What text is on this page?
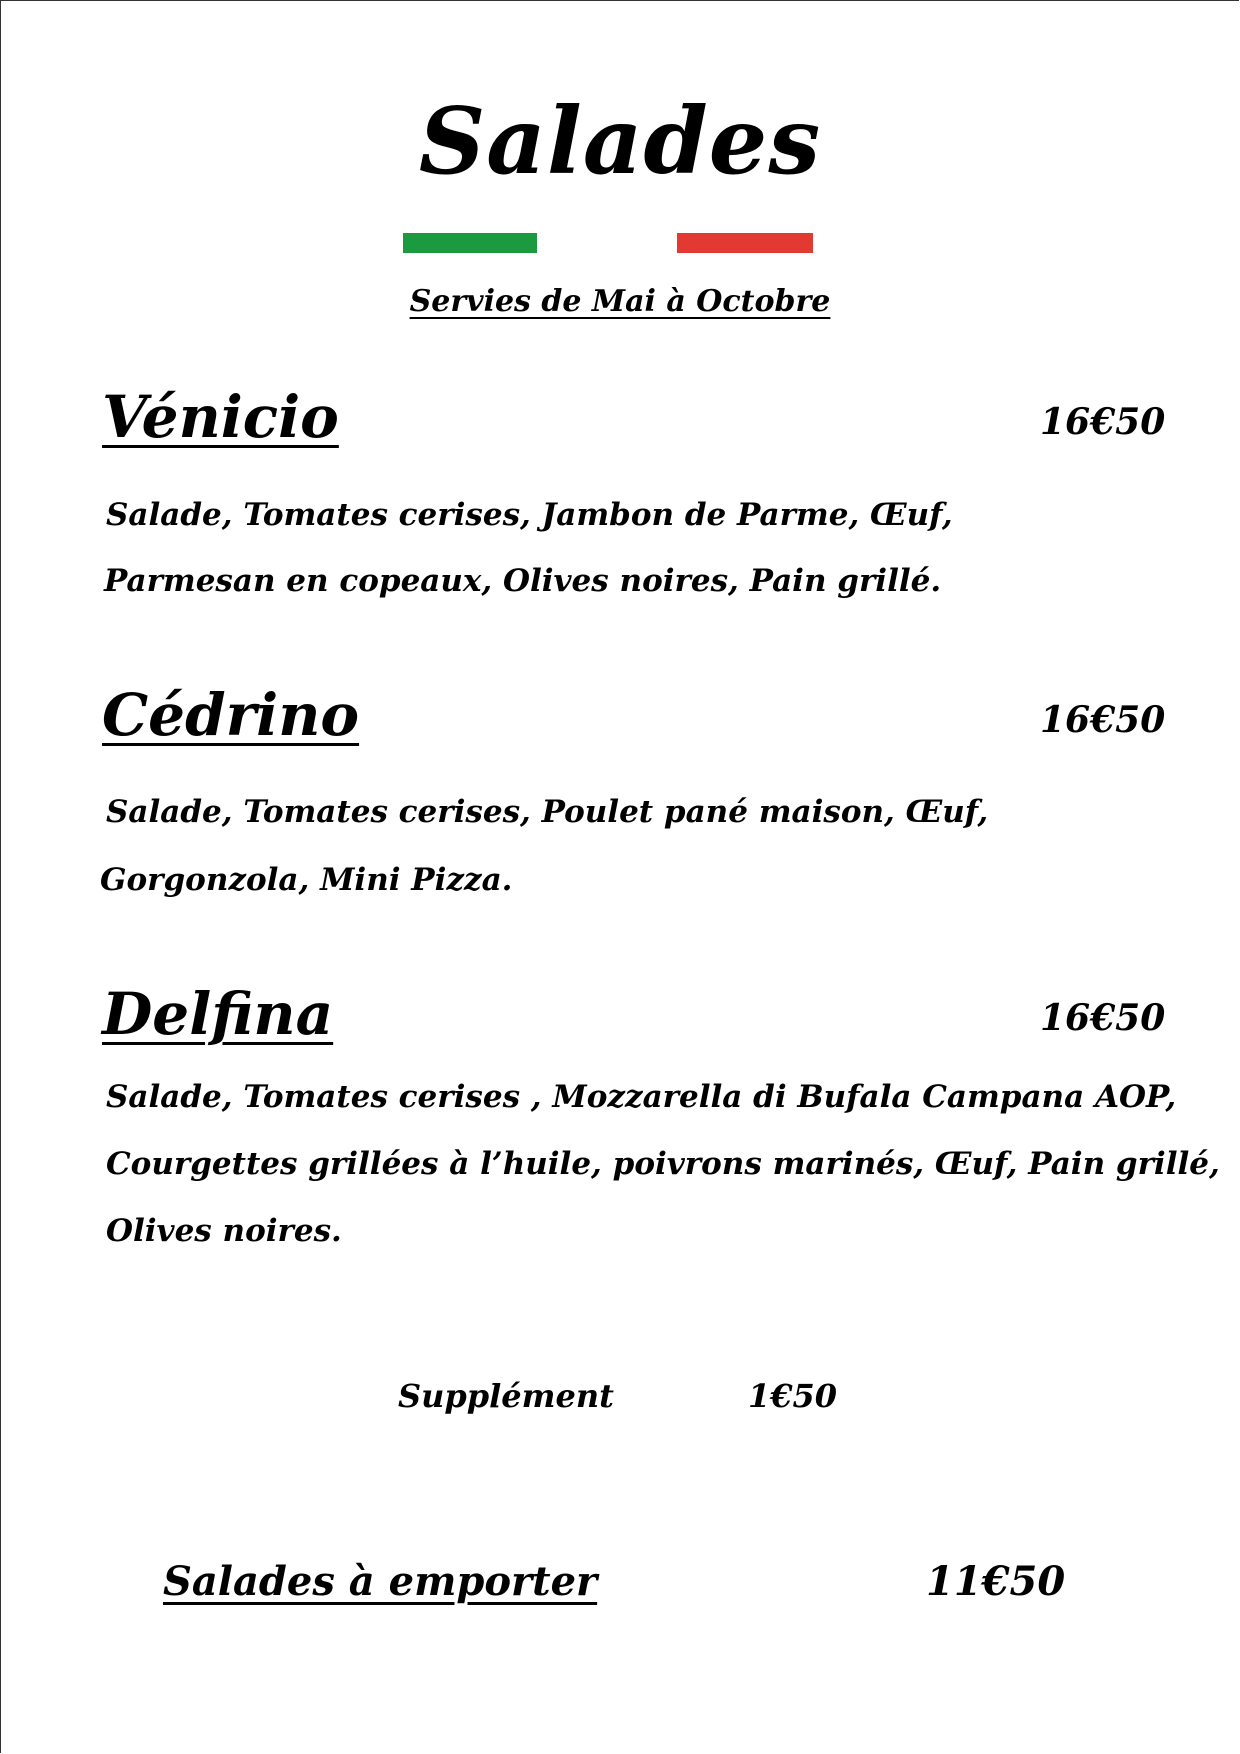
Salades
Servies de Mai à Octobre
Vénicio	16€50
Salade, Tomates cerises, Jambon de Parme, Œuf,
Parmesan en copeaux, Olives noires, Pain grillé.
Cédrino	16€50
Salade, Tomates cerises, Poulet pané maison, Œuf,
Gorgonzola, Mini Pizza.
Delfina	16€50
Salade, Tomates cerises , Mozzarella di Bufala Campana AOP,
Courgettes grillées à l’huile, poivrons marinés, Œuf, Pain grillé,
Olives noires.
Supplément	1€50
Salades à emporter	11€50
